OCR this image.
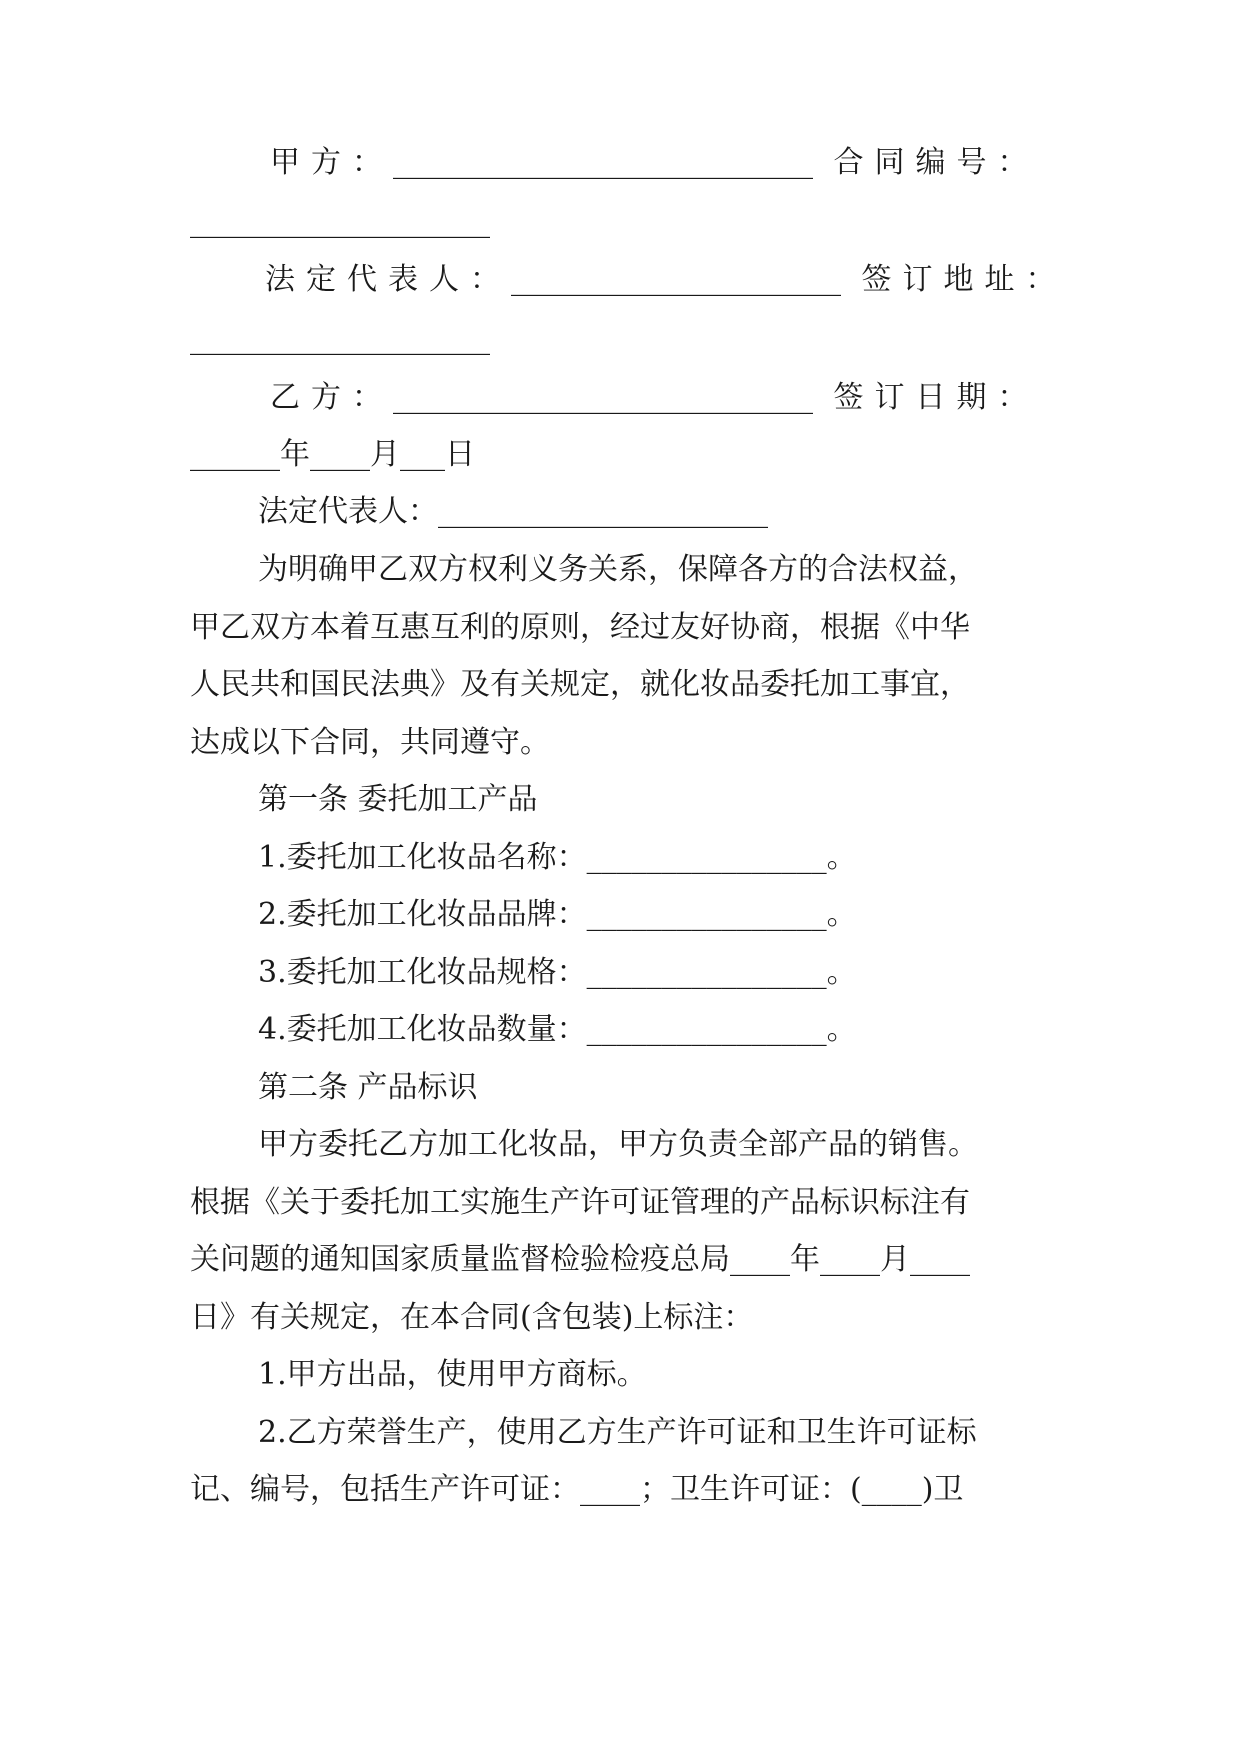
甲方：____________________________ 合同编号：
____________________
法定代表人：______________________ 签订地址：
____________________
乙方：____________________________ 签订日期：
______年____月___日
法定代表人：______________________
为明确甲乙双方权利义务关系，保障各方的合法权益，
甲乙双方本着互惠互利的原则，经过友好协商，根据《中华
人民共和国民法典》及有关规定，就化妆品委托加工事宜，
达成以下合同，共同遵守。
第一条 委托加工产品
1.委托加工化妆品名称：________________。
2.委托加工化妆品品牌：________________。
3.委托加工化妆品规格：________________。
4.委托加工化妆品数量：________________。
第二条 产品标识
甲方委托乙方加工化妆品，甲方负责全部产品的销售。
根据《关于委托加工实施生产许可证管理的产品标识标注有
关问题的通知国家质量监督检验检疫总局____年____月____
日》有关规定，在本合同(含包装)上标注：
1.甲方出品，使用甲方商标。
2.乙方荣誉生产，使用乙方生产许可证和卫生许可证标
记、编号，包括生产许可证：____；卫生许可证：(____)卫
